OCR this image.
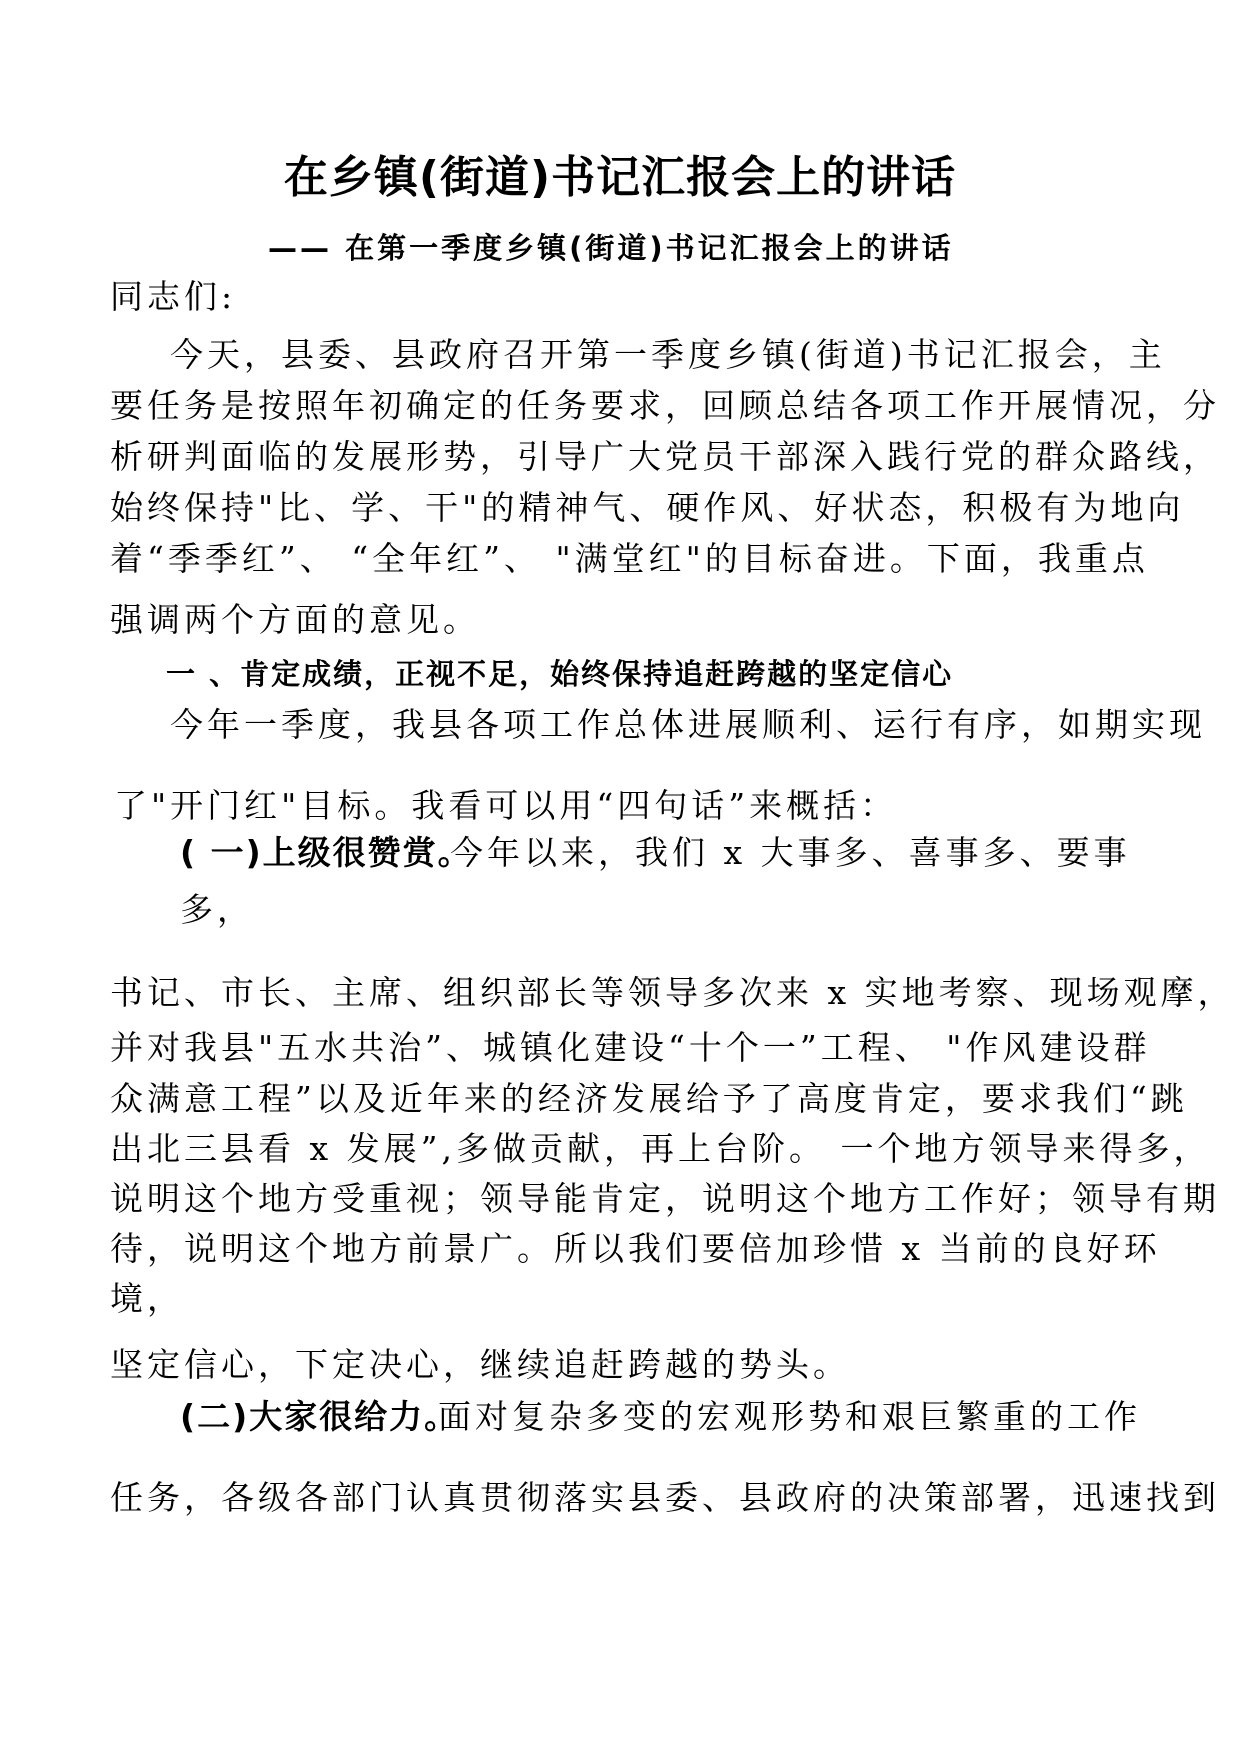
在乡镇(街道)书记汇报会上的讲话
—— 在第一季度乡镇(街道)书记汇报会上的讲话
同志们:
今天，县委、县政府召开第一季度乡镇(街道)书记汇报会，主
要任务是按照年初确定的任务要求，回顾总结各项工作开展情况，分
析研判面临的发展形势，引导广大党员干部深入践行党的群众路线，
始终保持"比、学、干"的精神气、硬作风、好状态，积极有为地向
着“季季红”、 “全年红”、 "满堂红"的目标奋进。下面，我重点
强调两个方面的意见。
一 、肯定成绩，正视不足，始终保持追赶跨越的坚定信心
今年一季度，我县各项工作总体进展顺利、运行有序，如期实现
了"开门红"目标。我看可以用“四句话”来概括：
( 一)上级很赞赏。
今年以来，我们 x 大事多、喜事多、要事
多，
书记、市长、主席、组织部长等领导多次来 x 实地考察、现场观摩，
并对我县"五水共治”、城镇化建设“十个一”工程、 "作风建设群
众满意工程”以及近年来的经济发展给予了高度肯定，要求我们“跳
出北三县看 x 发展”,多做贡献，再上台阶。 一个地方领导来得多，
说明这个地方受重视；领导能肯定，说明这个地方工作好；领导有期
待，说明这个地方前景广。所以我们要倍加珍惜 x 当前的良好环
境，
坚定信心，下定决心，继续追赶跨越的势头。
(二)大家很给力。
面对复杂多变的宏观形势和艰巨繁重的工作
任务，各级各部门认真贯彻落实县委、县政府的决策部署，迅速找到
